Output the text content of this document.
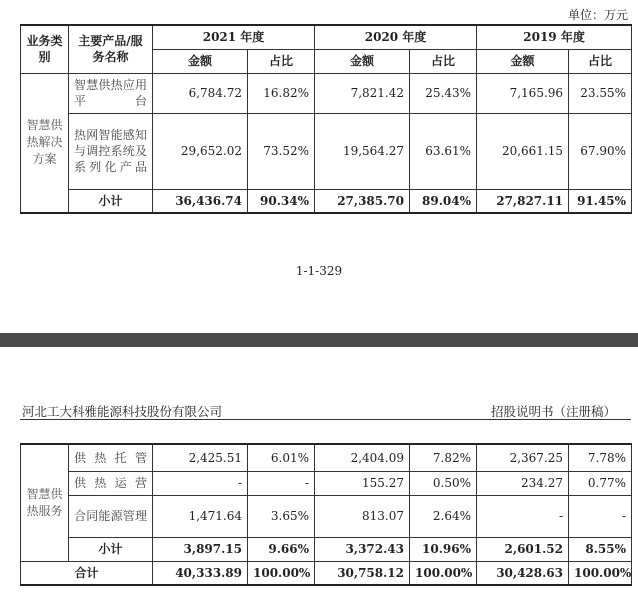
单位：万元
业务类别	主要产品/服务名称	2021 年度		2020 年度		2019 年度	
		金额	占比	金额	占比	金额	占比
智慧供热解决方案	智慧供热应用平台	6,784.72	16.82%	7,821.42	25.43%	7,165.96	23.55%
	热网智能感知与调控系统及系列化产品	29,652.02	73.52%	19,564.27	63.61%	20,661.15	67.90%
	小计	36,436.74	90.34%	27,385.70	89.04%	27,827.11	91.45%
1-1-329
河北工大科雅能源科技股份有限公司	招股说明书（注册稿）
智慧供热服务	供热托管	2,425.51	6.01%	2,404.09	7.82%	2,367.25	7.78%
	供热运营	-	-	155.27	0.50%	234.27	0.77%
	合同能源管理	1,471.64	3.65%	813.07	2.64%	-	-
	小计	3,897.15	9.66%	3,372.43	10.96%	2,601.52	8.55%
合计		40,333.89	100.00%	30,758.12	100.00%	30,428.63	100.00%
